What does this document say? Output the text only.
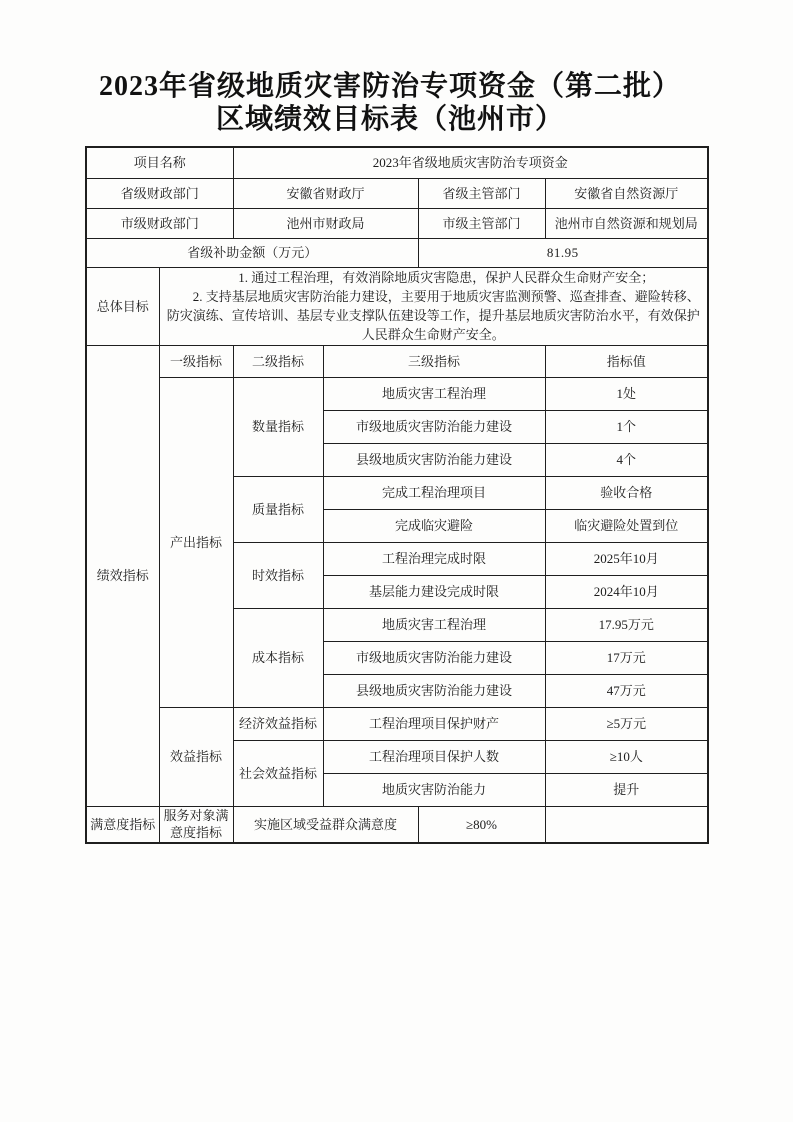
2023年省级地质灾害防治专项资金（第二批）
区域绩效目标表（池州市）
项目名称		2023年省级地质灾害防治专项资金			
省级财政部门		安徽省财政厅		省级主管部门	安徽省自然资源厅
市级财政部门		池州市财政局		市级主管部门	池州市自然资源和规划局
省级补助金额（万元）				81.95	
总体目标	1. 通过工程治理，有效消除地质灾害隐患，保护人民群众生命财产安全；

2. 支持基层地质灾害防治能力建设，主要用于地质灾害监测预警、巡查排查、避险转移、防灾演练、宣传培训、基层专业支撑队伍建设等工作，提升基层地质灾害防治水平，有效保护人民群众生命财产安全。				

绩效指标	一级指标	二级指标	三级指标		指标值
	产出指标	数量指标	地质灾害工程治理		1处
			市级地质灾害防治能力建设		1个
			县级地质灾害防治能力建设		4个
		质量指标	完成工程治理项目		验收合格
			完成临灾避险		临灾避险处置到位
		时效指标	工程治理完成时限		2025年10月
			基层能力建设完成时限		2024年10月
		成本指标	地质灾害工程治理		17.95万元
			市级地质灾害防治能力建设		17万元
			县级地质灾害防治能力建设		47万元
	效益指标	经济效益指标	工程治理项目保护财产		≥5万元
		社会效益指标	工程治理项目保护人数		≥10人
			地质灾害防治能力		提升
满意度指标	服务对象满意度指标	实施区域受益群众满意度		≥80%	
